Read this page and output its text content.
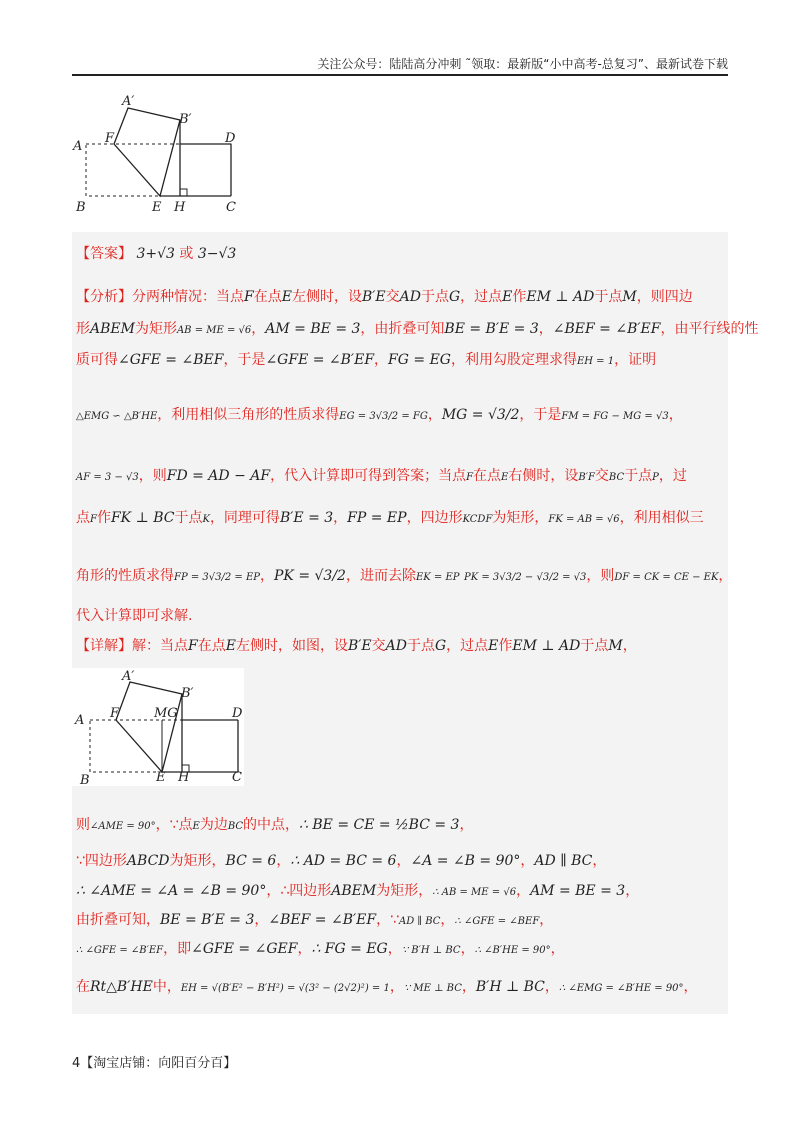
关注公众号：陆陆高分冲刺 ˜领取：最新版“小中高考-总复习”、最新试卷下载
A′
B′
F	D
A
B	E H	C
【答案】 3+√3 或 3−√3
【分析】分两种情况：当点F在点E左侧时，设B′E交AD于点G，过点E作EM ⊥ AD于点M，则四边
形ABEM为矩形AB = ME = √6，AM = BE = 3，由折叠可知BE = B′E = 3，∠BEF = ∠B′EF，由平行线的性
质可得∠GFE = ∠BEF，于是∠GFE = ∠B′EF，FG = EG，利用勾股定理求得EH = 1，证明
△EMG ∽ △B′HE，利用相似三角形的性质求得EG = 3√3/2 = FG，MG = √3/2，于是FM = FG − MG = √3，
AF = 3 − √3，则FD = AD − AF，代入计算即可得到答案；当点F在点E右侧时，设B′F交BC于点P，过
点F作FK ⊥ BC于点K，同理可得B′E = 3，FP = EP，四边形KCDF为矩形，FK = AB = √6，利用相似三
角形的性质求得FP = 3√3/2 = EP，PK = √3/2，进而去除EK = EP PK = 3√3/2 − √3/2 = √3，则DF = CK = CE − EK，
代入计算即可求解.
【详解】解：当点F在点E左侧时，如图，设B′E交AD于点G，过点E作EM ⊥ AD于点M，
A′
B′
F	MG	D
A
B	E H	C
则∠AME = 90°，∵点E为边BC的中点，∴ BE = CE = ½BC = 3，
∵四边形ABCD为矩形，BC = 6，∴ AD = BC = 6，∠A = ∠B = 90°，AD ∥ BC，
∴ ∠AME = ∠A = ∠B = 90°，∴四边形ABEM为矩形，∴ AB = ME = √6，AM = BE = 3，
由折叠可知，BE = B′E = 3，∠BEF = ∠B′EF，∵AD ∥ BC，∴ ∠GFE = ∠BEF，
∴ ∠GFE = ∠B′EF，即∠GFE = ∠GEF，∴ FG = EG，∵ B′H ⊥ BC，∴ ∠B′HE = 90°，
在Rt△B′HE中，EH = √(B′E² − B′H²) = √(3² − (2√2)²) = 1，∵ ME ⊥ BC，B′H ⊥ BC，∴ ∠EMG = ∠B′HE = 90°，
4【淘宝店铺：向阳百分百】
